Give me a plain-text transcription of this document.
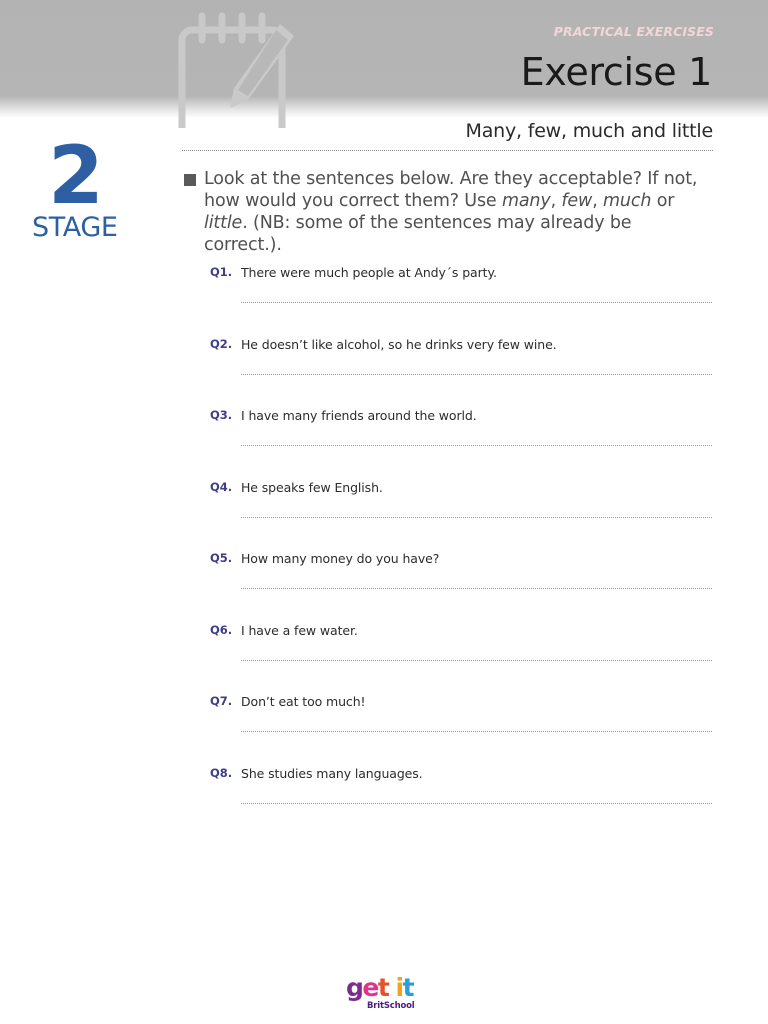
PRACTICAL EXERCISES
Exercise 1
Many, few, much and little
2
STAGE
Look at the sentences below. Are they acceptable? If not, how would you correct them? Use many, few, much or little. (NB: some of the sentences may already be correct.).
Q1. There were much people at Andy´s party.
Q2. He doesn’t like alcohol, so he drinks very few wine.
Q3. I have many friends around the world.
Q4. He speaks few English.
Q5. How many money do you have?
Q6. I have a few water.
Q7. Don’t eat too much!
Q8. She studies many languages.
get it
BritSchool
